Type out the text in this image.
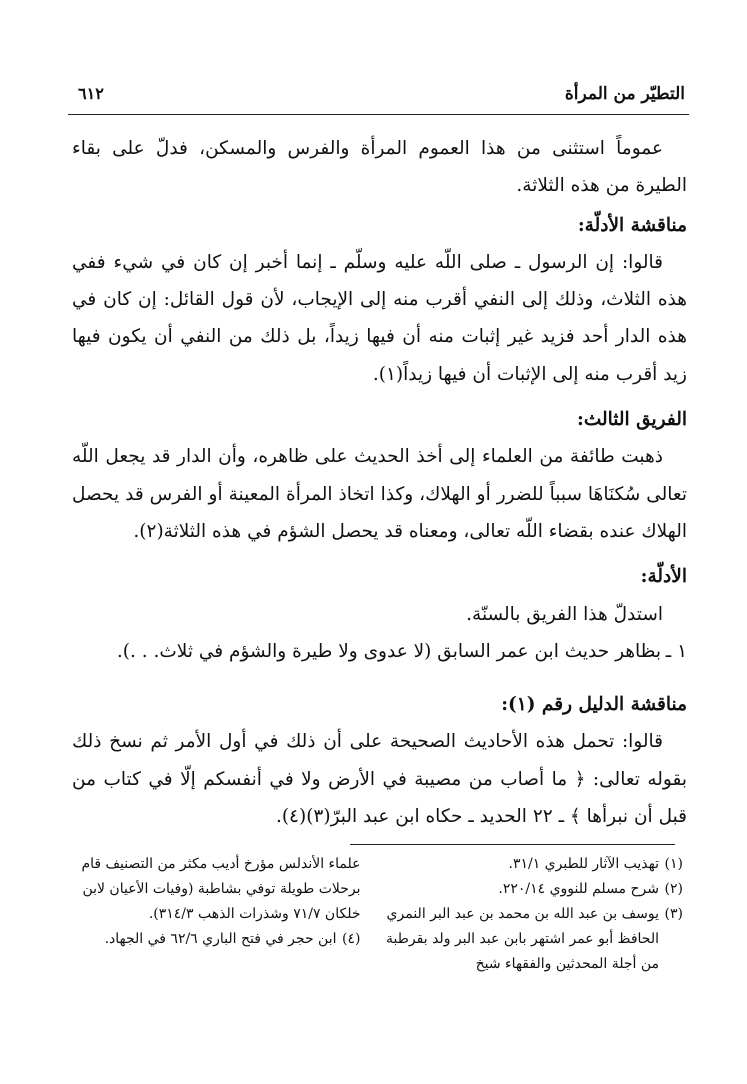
التطيّر من المرأة
٦١٢

عموماً استثنى من هذا العموم المرأة والفرس والمسكن، فدلّ على بقاء الطيرة من هذه الثلاثة.

مناقشة الأدلّة:

قالوا: إن الرسول ـ صلى اللّه عليه وسلّم ـ إنما أخبر إن كان في شيء ففي هذه الثلاث، وذلك إلى النفي أقرب منه إلى الإيجاب، لأن قول القائل: إن كان في هذه الدار أحد فزيد غير إثبات منه أن فيها زيداً، بل ذلك من النفي أن يكون فيها زيد أقرب منه إلى الإثبات أن فيها زيداً(١).

الفريق الثالث:

ذهبت طائفة من العلماء إلى أخذ الحديث على ظاهره، وأن الدار قد يجعل اللّه تعالى سُكنَاهَا سبباً للضرر أو الهلاك، وكذا اتخاذ المرأة المعينة أو الفرس قد يحصل الهلاك عنده بقضاء اللّه تعالى، ومعناه قد يحصل الشؤم في هذه الثلاثة(٢).

الأدلّة:

استدلّ هذا الفريق بالسنّة.

١ ـ
بظاهر حديث ابن عمر السابق (لا عدوى ولا طيرة والشؤم في ثلاث. . .).

مناقشة الدليل رقم (١):

قالوا: تحمل هذه الأحاديث الصحيحة على أن ذلك في أول الأمر ثم نسخ ذلك بقوله تعالى: ﴿ ما أصاب من مصيبة في الأرض ولا في أنفسكم إلّا في كتاب من قبل أن نبرأها ﴾ ـ ٢٢ الحديد ـ حكاه ابن عبد البرّ(٣)(٤).

(١)
تهذيب الآثار للطبري ٣١/١.

(٢)
شرح مسلم للنووي ٢٢٠/١٤.

(٣)
يوسف بن عبد الله بن محمد بن عبد البر النمري الحافظ أبو عمر اشتهر بابن عبد البر ولد بقرطبة من أجلة المحدثين والفقهاء شيخ

علماء الأندلس مؤرخ أديب مكثر من التصنيف قام برحلات طويلة توفي بشاطبة (وفيات الأعيان لابن خلكان ٧١/٧ وشذرات الذهب ٣١٤/٣).

(٤)
ابن حجر في فتح الباري ٦٢/٦ في الجهاد.
